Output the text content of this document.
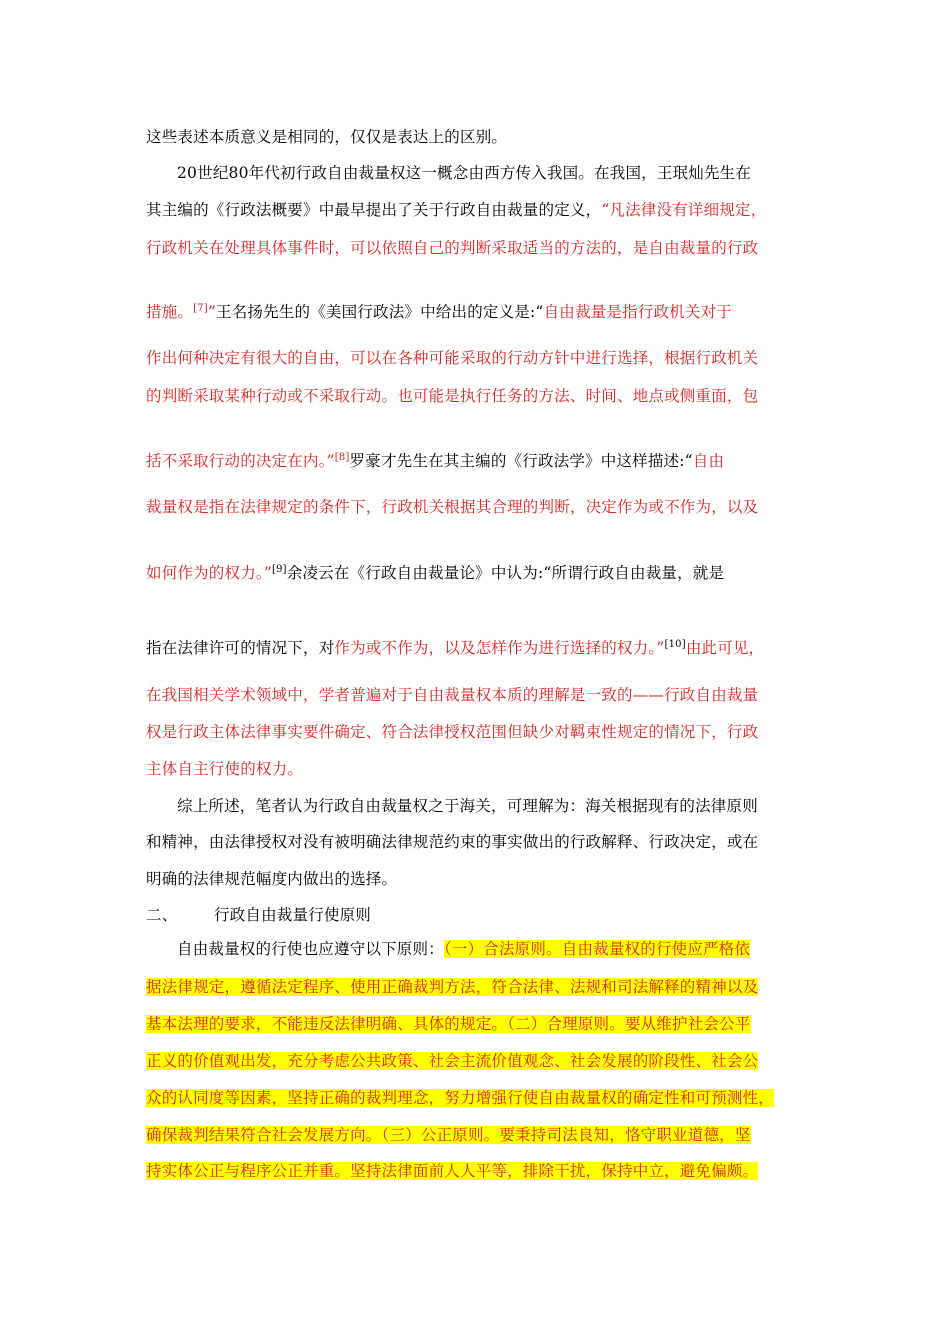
这些表述本质意义是相同的，仅仅是表达上的区别。
20世纪80年代初行政自由裁量权这一概念由西方传入我国。在我国，王珉灿先生在
其主编的《行政法概要》中最早提出了关于行政自由裁量的定义，“凡法律没有详细规定，
行政机关在处理具体事件时，可以依照自己的判断采取适当的方法的，是自由裁量的行政
措施。[7]”王名扬先生的《美国行政法》中给出的定义是:“自由裁量是指行政机关对于
作出何种决定有很大的自由，可以在各种可能采取的行动方针中进行选择，根据行政机关
的判断采取某种行动或不采取行动。也可能是执行任务的方法、时间、地点或侧重面，包
括不采取行动的决定在内。”[8]罗豪才先生在其主编的《行政法学》中这样描述:“自由
裁量权是指在法律规定的条件下，行政机关根据其合理的判断，决定作为或不作为，以及
如何作为的权力。”[9]余凌云在《行政自由裁量论》中认为:“所谓行政自由裁量，就是
指在法律许可的情况下，对作为或不作为，以及怎样作为进行选择的权力。”[10]由此可见，
在我国相关学术领域中，学者普遍对于自由裁量权本质的理解是一致的——行政自由裁量
权是行政主体法律事实要件确定、符合法律授权范围但缺少对羁束性规定的情况下，行政
主体自主行使的权力。
综上所述，笔者认为行政自由裁量权之于海关，可理解为：海关根据现有的法律原则
和精神，由法律授权对没有被明确法律规范约束的事实做出的行政解释、行政决定，或在
明确的法律规范幅度内做出的选择。
二、 行政自由裁量行使原则
自由裁量权的行使也应遵守以下原则：（一）合法原则。自由裁量权的行使应严格依
据法律规定，遵循法定程序、使用正确裁判方法，符合法律、法规和司法解释的精神以及
基本法理的要求，不能违反法律明确、具体的规定。（二）合理原则。要从维护社会公平
正义的价值观出发，充分考虑公共政策、社会主流价值观念、社会发展的阶段性、社会公
众的认同度等因素，坚持正确的裁判理念，努力增强行使自由裁量权的确定性和可预测性，
确保裁判结果符合社会发展方向。（三）公正原则。要秉持司法良知，恪守职业道德，坚
持实体公正与程序公正并重。坚持法律面前人人平等，排除干扰，保持中立，避免偏颇。
